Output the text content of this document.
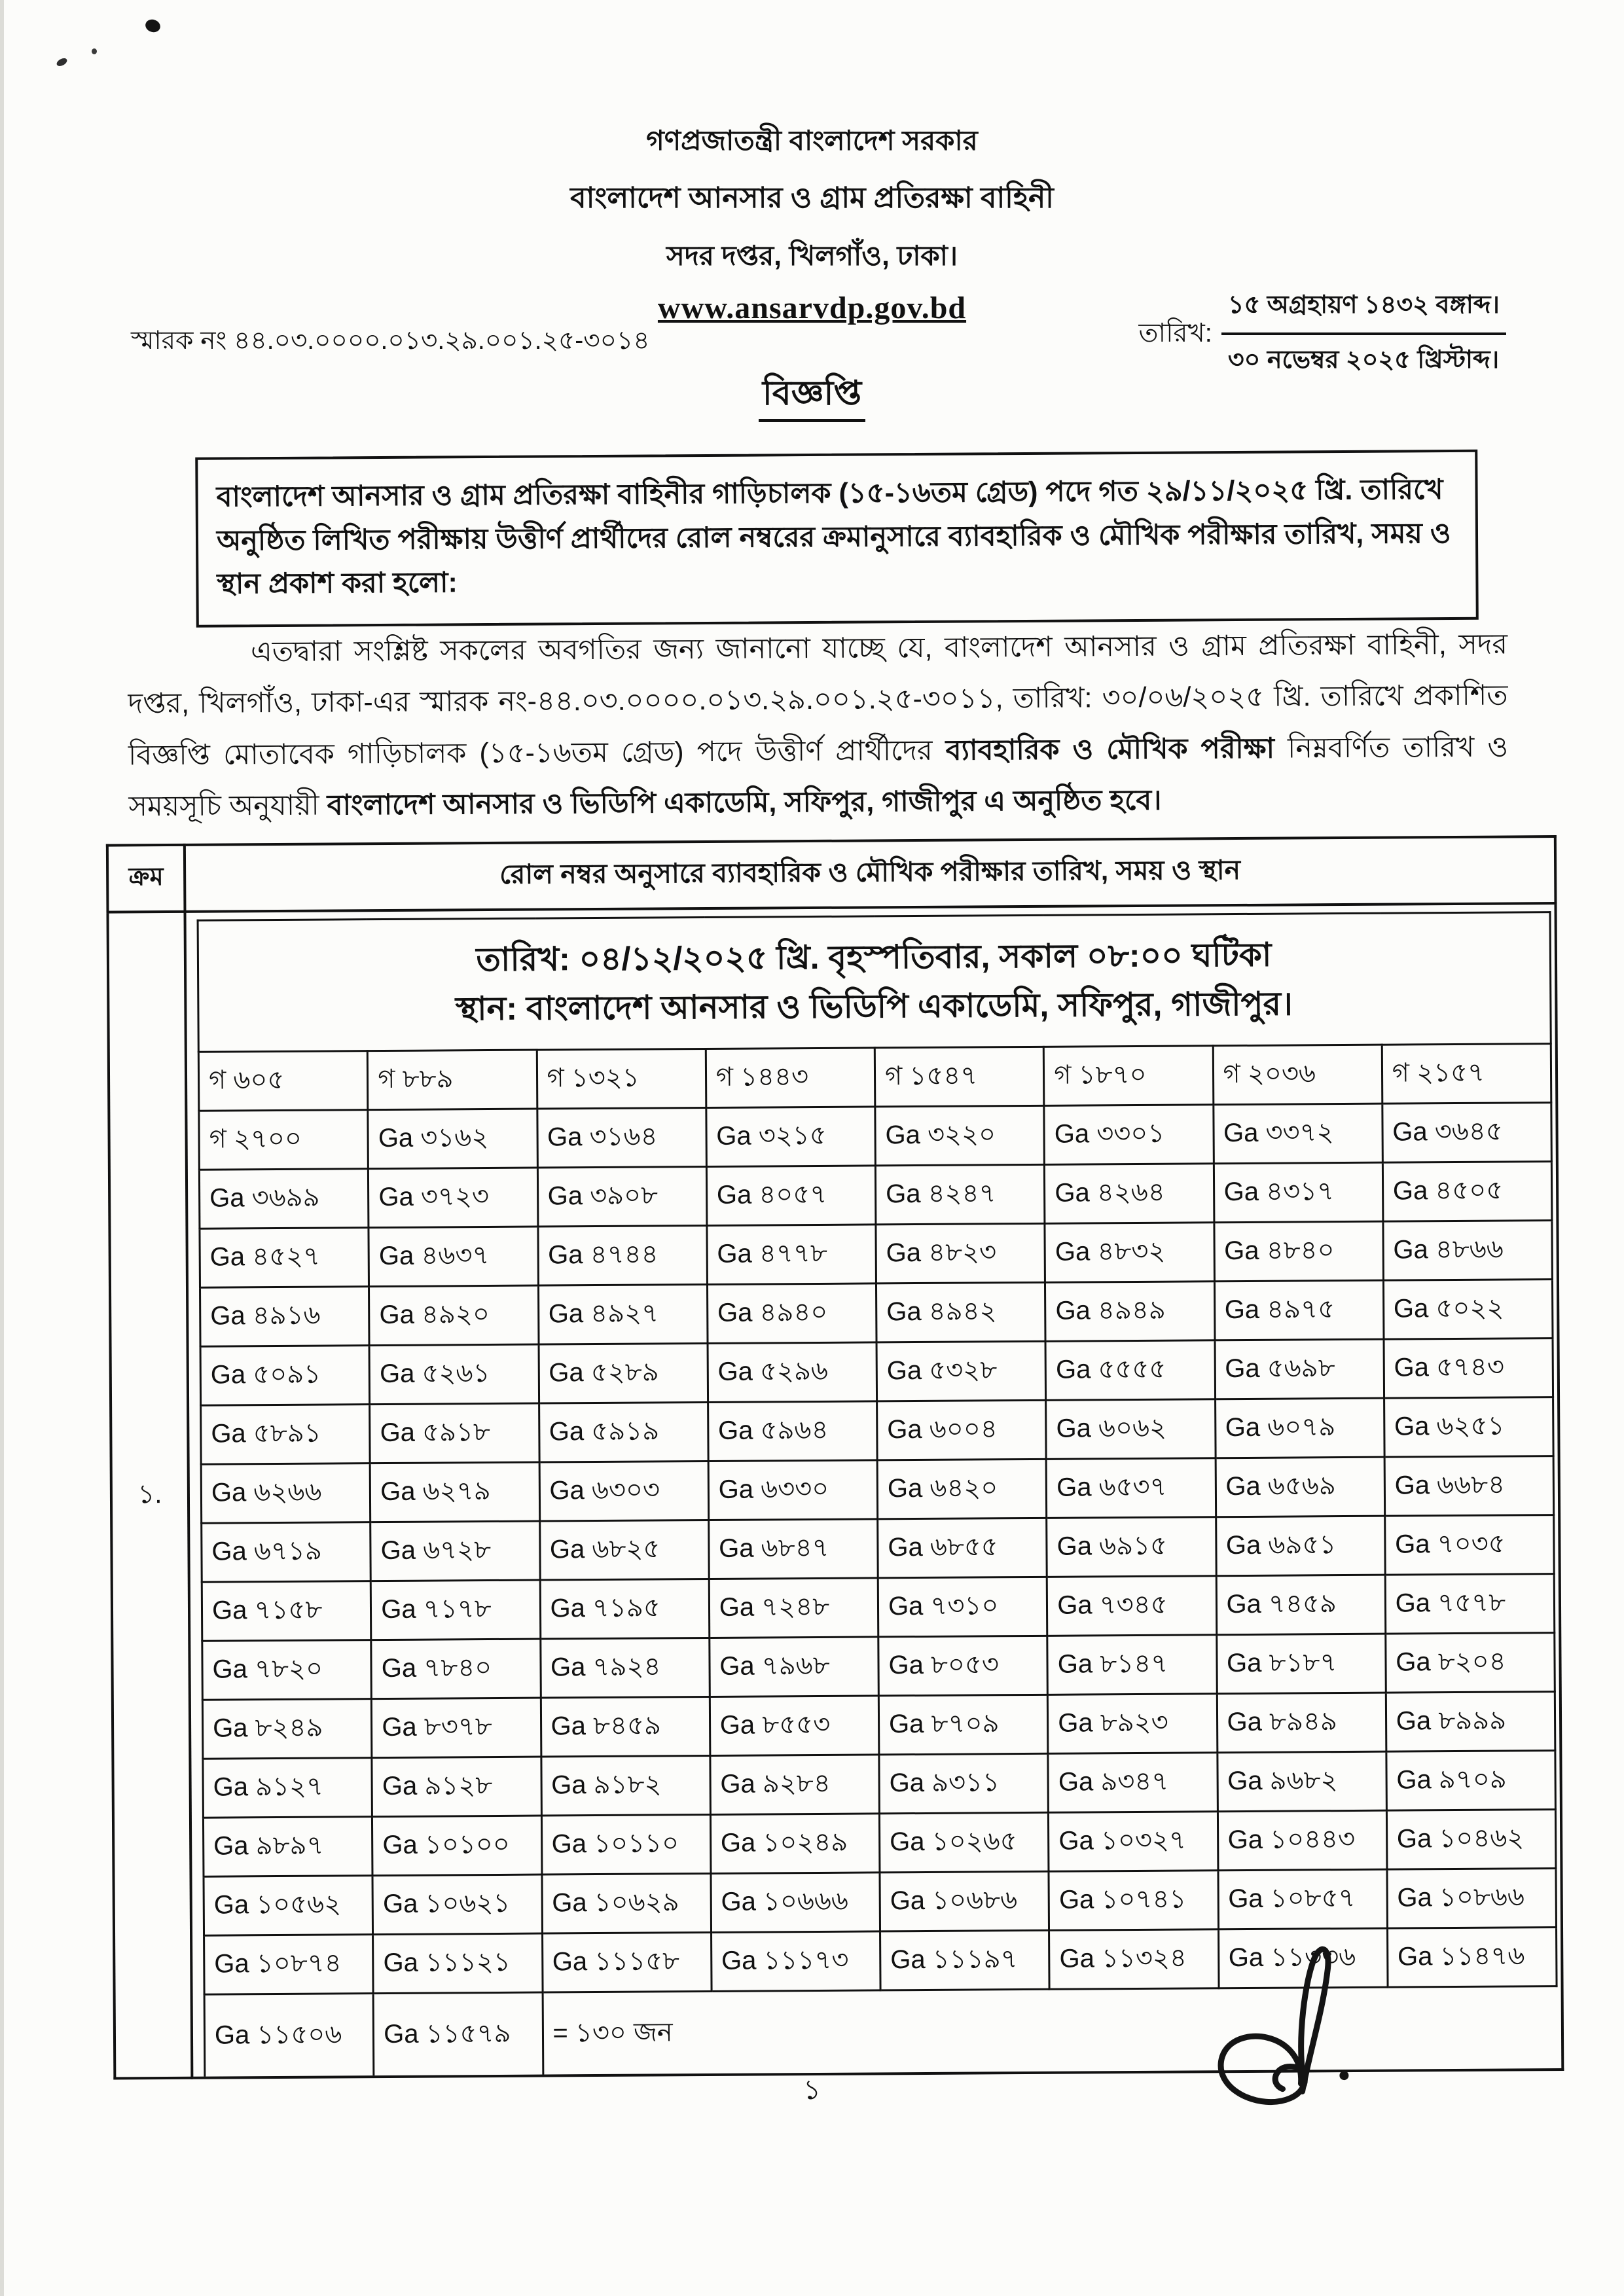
গণপ্রজাতন্ত্রী বাংলাদেশ সরকার
বাংলাদেশ আনসার ও গ্রাম প্রতিরক্ষা বাহিনী
সদর দপ্তর, খিলগাঁও, ঢাকা।
www.ansarvdp.gov.bd
স্মারক নং ৪৪.০৩.০০০০.০১৩.২৯.০০১.২৫-৩০১৪	তারিখ:
১৫ অগ্রহায়ণ ১৪৩২ বঙ্গাব্দ।
৩০ নভেম্বর ২০২৫ খ্রিস্টাব্দ।
বিজ্ঞপ্তি
বাংলাদেশ আনসার ও গ্রাম প্রতিরক্ষা বাহিনীর গাড়িচালক (১৫-১৬তম গ্রেড) পদে গত ২৯/১১/২০২৫ খ্রি. তারিখে অনুষ্ঠিত লিখিত পরীক্ষায় উত্তীর্ণ প্রার্থীদের রোল নম্বরের ক্রমানুসারে ব্যাবহারিক ও মৌখিক পরীক্ষার তারিখ, সময় ও স্থান প্রকাশ করা হলো:

এতদ্বারা সংশ্লিষ্ট সকলের অবগতির জন্য জানানো যাচ্ছে যে, বাংলাদেশ আনসার ও গ্রাম প্রতিরক্ষা বাহিনী, সদর দপ্তর, খিলগাঁও, ঢাকা-এর স্মারক নং-৪৪.০৩.০০০০.০১৩.২৯.০০১.২৫-৩০১১, তারিখ: ৩০/০৬/২০২৫ খ্রি. তারিখে প্রকাশিত বিজ্ঞপ্তি মোতাবেক গাড়িচালক (১৫-১৬তম গ্রেড) পদে উত্তীর্ণ প্রার্থীদের ব্যাবহারিক ও মৌখিক পরীক্ষা নিম্নবর্ণিত তারিখ ও সময়সূচি অনুযায়ী বাংলাদেশ আনসার ও ভিডিপি একাডেমি, সফিপুর, গাজীপুর এ অনুষ্ঠিত হবে।

ক্রম	রোল নম্বর অনুসারে ব্যাবহারিক ও মৌখিক পরীক্ষার তারিখ, সময় ও স্থান
১.	
তারিখ: ০৪/১২/২০২৫ খ্রি. বৃহস্পতিবার, সকাল ০৮:০০ ঘটিকা
স্থান: বাংলাদেশ আনসার ও ভিডিপি একাডেমি, সফিপুর, গাজীপুর।

গ ৬০৫	গ ৮৮৯	গ ১৩২১	গ ১৪৪৩	গ ১৫৪৭	গ ১৮৭০	গ ২০৩৬	গ ২১৫৭
গ ২৭০০	Ga ৩১৬২	Ga ৩১৬৪	Ga ৩২১৫	Ga ৩২২০	Ga ৩৩০১	Ga ৩৩৭২	Ga ৩৬৪৫
Ga ৩৬৯৯	Ga ৩৭২৩	Ga ৩৯০৮	Ga ৪০৫৭	Ga ৪২৪৭	Ga ৪২৬৪	Ga ৪৩১৭	Ga ৪৫০৫
Ga ৪৫২৭	Ga ৪৬৩৭	Ga ৪৭৪৪	Ga ৪৭৭৮	Ga ৪৮২৩	Ga ৪৮৩২	Ga ৪৮৪০	Ga ৪৮৬৬
Ga ৪৯১৬	Ga ৪৯২০	Ga ৪৯২৭	Ga ৪৯৪০	Ga ৪৯৪২	Ga ৪৯৪৯	Ga ৪৯৭৫	Ga ৫০২২
Ga ৫০৯১	Ga ৫২৬১	Ga ৫২৮৯	Ga ৫২৯৬	Ga ৫৩২৮	Ga ৫৫৫৫	Ga ৫৬৯৮	Ga ৫৭৪৩
Ga ৫৮৯১	Ga ৫৯১৮	Ga ৫৯১৯	Ga ৫৯৬৪	Ga ৬০০৪	Ga ৬০৬২	Ga ৬০৭৯	Ga ৬২৫১
Ga ৬২৬৬	Ga ৬২৭৯	Ga ৬৩০৩	Ga ৬৩৩০	Ga ৬৪২০	Ga ৬৫৩৭	Ga ৬৫৬৯	Ga ৬৬৮৪
Ga ৬৭১৯	Ga ৬৭২৮	Ga ৬৮২৫	Ga ৬৮৪৭	Ga ৬৮৫৫	Ga ৬৯১৫	Ga ৬৯৫১	Ga ৭০৩৫
Ga ৭১৫৮	Ga ৭১৭৮	Ga ৭১৯৫	Ga ৭২৪৮	Ga ৭৩১০	Ga ৭৩৪৫	Ga ৭৪৫৯	Ga ৭৫৭৮
Ga ৭৮২০	Ga ৭৮৪০	Ga ৭৯২৪	Ga ৭৯৬৮	Ga ৮০৫৩	Ga ৮১৪৭	Ga ৮১৮৭	Ga ৮২০৪
Ga ৮২৪৯	Ga ৮৩৭৮	Ga ৮৪৫৯	Ga ৮৫৫৩	Ga ৮৭০৯	Ga ৮৯২৩	Ga ৮৯৪৯	Ga ৮৯৯৯
Ga ৯১২৭	Ga ৯১২৮	Ga ৯১৮২	Ga ৯২৮৪	Ga ৯৩১১	Ga ৯৩৪৭	Ga ৯৬৮২	Ga ৯৭০৯
Ga ৯৮৯৭	Ga ১০১০০	Ga ১০১১০	Ga ১০২৪৯	Ga ১০২৬৫	Ga ১০৩২৭	Ga ১০৪৪৩	Ga ১০৪৬২
Ga ১০৫৬২	Ga ১০৬২১	Ga ১০৬২৯	Ga ১০৬৬৬	Ga ১০৬৮৬	Ga ১০৭৪১	Ga ১০৮৫৭	Ga ১০৮৬৬
Ga ১০৮৭৪	Ga ১১১২১	Ga ১১১৫৮	Ga ১১১৭৩	Ga ১১১৯৭	Ga ১১৩২৪	Ga ১১৩৩৬	Ga ১১৪৭৬
Ga ১১৫০৬	Ga ১১৫৭৯	= ১৩০ জন					
১
